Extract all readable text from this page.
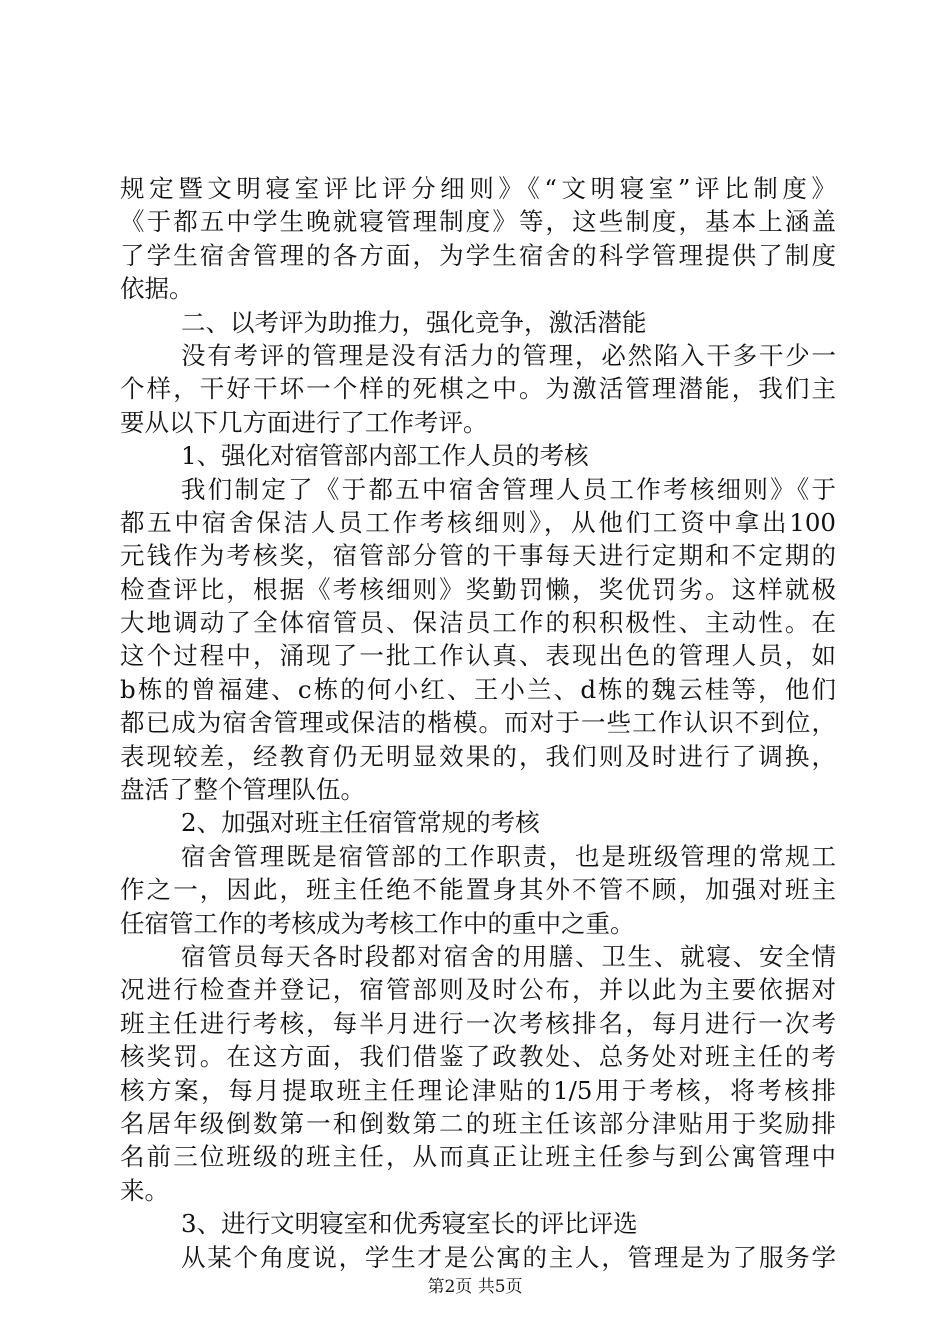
规定暨文明寝室评比评分细则》《“文明寝室”评比制度》
《于都五中学生晚就寝管理制度》等，这些制度，基本上涵盖
了学生宿舍管理的各方面，为学生宿舍的科学管理提供了制度
依据。
二、以考评为助推力，强化竞争，激活潜能
没有考评的管理是没有活力的管理，必然陷入干多干少一
个样，干好干坏一个样的死棋之中。为激活管理潜能，我们主
要从以下几方面进行了工作考评。
1、强化对宿管部内部工作人员的考核
我们制定了《于都五中宿舍管理人员工作考核细则》《于
都五中宿舍保洁人员工作考核细则》，从他们工资中拿出100
元钱作为考核奖，宿管部分管的干事每天进行定期和不定期的
检查评比，根据《考核细则》奖勤罚懒，奖优罚劣。这样就极
大地调动了全体宿管员、保洁员工作的积积极性、主动性。在
这个过程中，涌现了一批工作认真、表现出色的管理人员，如
b栋的曾福建、c栋的何小红、王小兰、d栋的魏云桂等，他们
都已成为宿舍管理或保洁的楷模。而对于一些工作认识不到位，
表现较差，经教育仍无明显效果的，我们则及时进行了调换，
盘活了整个管理队伍。
2、加强对班主任宿管常规的考核
宿舍管理既是宿管部的工作职责，也是班级管理的常规工
作之一，因此，班主任绝不能置身其外不管不顾，加强对班主
任宿管工作的考核成为考核工作中的重中之重。
宿管员每天各时段都对宿舍的用膳、卫生、就寝、安全情
况进行检查并登记，宿管部则及时公布，并以此为主要依据对
班主任进行考核，每半月进行一次考核排名，每月进行一次考
核奖罚。在这方面，我们借鉴了政教处、总务处对班主任的考
核方案，每月提取班主任理论津贴的1/5用于考核，将考核排
名居年级倒数第一和倒数第二的班主任该部分津贴用于奖励排
名前三位班级的班主任，从而真正让班主任参与到公寓管理中
来。
3、进行文明寝室和优秀寝室长的评比评选
从某个角度说，学生才是公寓的主人，管理是为了服务学
第2页 共5页
